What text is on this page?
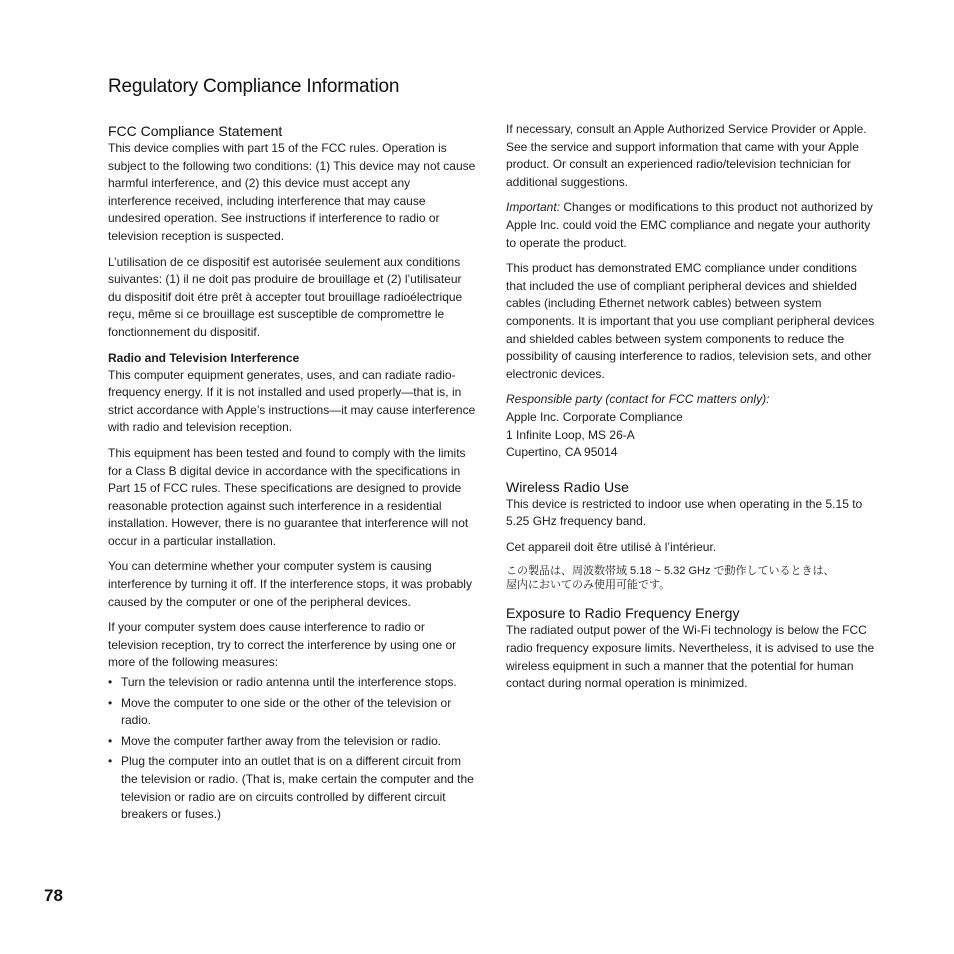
Regulatory Compliance Information
FCC Compliance Statement

This device complies with part 15 of the FCC rules. Operation is subject to the following two conditions: (1) This device may not cause harmful interference, and (2) this device must accept any interference received, including interference that may cause undesired operation. See instructions if interference to radio or television reception is suspected.

L’utilisation de ce dispositif est autorisée seulement aux conditions suivantes: (1) il ne doit pas produire de brouillage et (2) l’utilisateur du dispositif doit étre prêt à accepter tout brouillage radioélectrique reçu, même si ce brouillage est susceptible de compromettre le fonctionnement du dispositif.

Radio and Television Interference

This computer equipment generates, uses, and can radiate radio-frequency energy. If it is not installed and used properly—that is, in strict accordance with Apple’s instructions—it may cause interference with radio and television reception.

This equipment has been tested and found to comply with the limits for a Class B digital device in accordance with the specifications in Part 15 of FCC rules. These specifications are designed to provide reasonable protection against such interference in a residential installation. However, there is no guarantee that interference will not occur in a particular installation.

You can determine whether your computer system is causing interference by turning it off. If the interference stops, it was probably caused by the computer or one of the peripheral devices.

If your computer system does cause interference to radio or television reception, try to correct the interference by using one or more of the following measures:

• Turn the television or radio antenna until the interference stops.
• Move the computer to one side or the other of the television or radio.
• Move the computer farther away from the television or radio.
• Plug the computer into an outlet that is on a different circuit from the television or radio. (That is, make certain the computer and the television or radio are on circuits controlled by different circuit breakers or fuses.)

If necessary, consult an Apple Authorized Service Provider or Apple. See the service and support information that came with your Apple product. Or consult an experienced radio/television technician for additional suggestions.

Important: Changes or modifications to this product not authorized by Apple Inc. could void the EMC compliance and negate your authority to operate the product.

This product has demonstrated EMC compliance under conditions that included the use of compliant peripheral devices and shielded cables (including Ethernet network cables) between system components. It is important that you use compliant peripheral devices and shielded cables between system components to reduce the possibility of causing interference to radios, television sets, and other electronic devices.

Responsible party (contact for FCC matters only):

Apple Inc. Corporate Compliance

1 Infinite Loop, MS 26-A

Cupertino, CA 95014

Wireless Radio Use

This device is restricted to indoor use when operating in the 5.15 to 5.25 GHz frequency band.

Cet appareil doit être utilisé à l’intérieur.

この製品は、周波数帯域 5.18 ~ 5.32 GHz で動作しているときは、
屋内においてのみ使用可能です。
Exposure to Radio Frequency Energy

The radiated output power of the Wi-Fi technology is below the FCC radio frequency exposure limits. Nevertheless, it is advised to use the wireless equipment in such a manner that the potential for human contact during normal operation is minimized.

78
